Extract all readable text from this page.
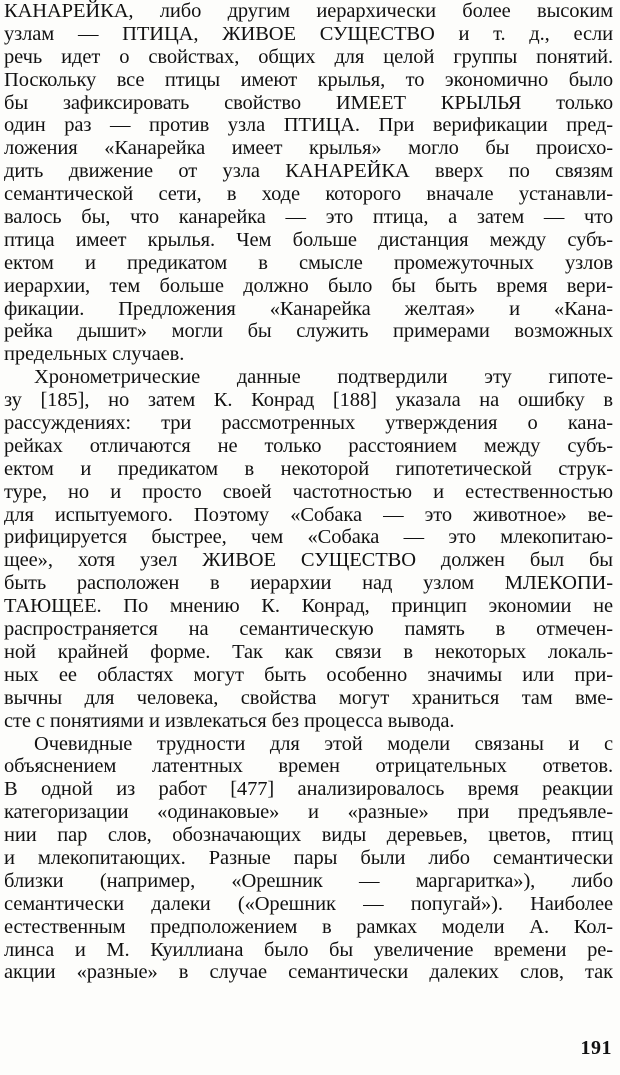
КАНАРЕЙКА, либо другим иерархически более высоким
узлам — ПТИЦА, ЖИВОЕ СУЩЕСТВО и т. д., если
речь идет о свойствах, общих для целой группы понятий.
Поскольку все птицы имеют крылья, то экономично было
бы зафиксировать свойство ИМЕЕТ КРЫЛЬЯ только
один раз — против узла ПТИЦА. При верификации пред-
ложения «Канарейка имеет крылья» могло бы происхо-
дить движение от узла КАНАРЕЙКА вверх по связям
семантической сети, в ходе которого вначале устанавли-
валось бы, что канарейка — это птица, а затем — что
птица имеет крылья. Чем больше дистанция между субъ-
ектом и предикатом в смысле промежуточных узлов
иерархии, тем больше должно было бы быть время вери-
фикации. Предложения «Канарейка желтая» и «Кана-
рейка дышит» могли бы служить примерами возможных
предельных случаев.
Хронометрические данные подтвердили эту гипоте-
зу [185], но затем К. Конрад [188] указала на ошибку в
рассуждениях: три рассмотренных утверждения о кана-
рейках отличаются не только расстоянием между субъ-
ектом и предикатом в некоторой гипотетической струк-
туре, но и просто своей частотностью и естественностью
для испытуемого. Поэтому «Собака — это животное» ве-
рифицируется быстрее, чем «Собака — это млекопитаю-
щее», хотя узел ЖИВОЕ СУЩЕСТВО должен был бы
быть расположен в иерархии над узлом МЛЕКОПИ-
ТАЮЩЕЕ. По мнению К. Конрад, принцип экономии не
распространяется на семантическую память в отмечен-
ной крайней форме. Так как связи в некоторых локаль-
ных ее областях могут быть особенно значимы или при-
вычны для человека, свойства могут храниться там вме-
сте с понятиями и извлекаться без процесса вывода.
Очевидные трудности для этой модели связаны и с
объяснением латентных времен отрицательных ответов.
В одной из работ [477] анализировалось время реакции
категоризации «одинаковые» и «разные» при предъявле-
нии пар слов, обозначающих виды деревьев, цветов, птиц
и млекопитающих. Разные пары были либо семантически
близки (например, «Орешник — маргаритка»), либо
семантически далеки («Орешник — попугай»). Наиболее
естественным предположением в рамках модели А. Кол-
линса и М. Куиллиана было бы увеличение времени ре-
акции «разные» в случае семантически далеких слов, так
191
